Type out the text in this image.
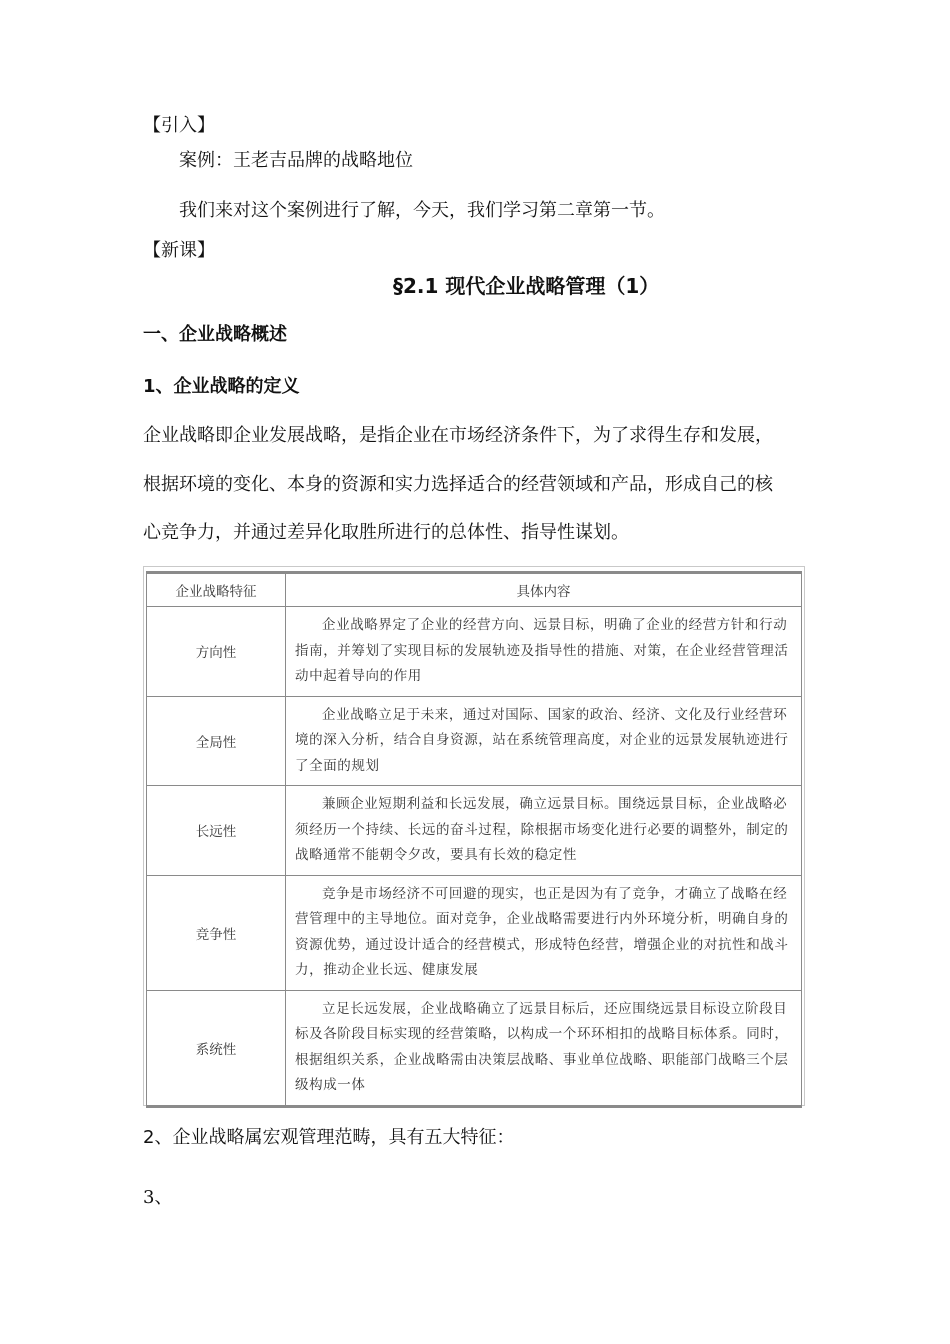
【引入】
案例：王老吉品牌的战略地位
我们来对这个案例进行了解，今天，我们学习第二章第一节。
【新课】
§2.1 现代企业战略管理（1）
一、企业战略概述
1、企业战略的定义
企业战略即企业发展战略，是指企业在市场经济条件下，为了求得生存和发展，
根据环境的变化、本身的资源和实力选择适合的经营领域和产品，形成自己的核
心竞争力，并通过差异化取胜所进行的总体性、指导性谋划。
企业战略特征	具体内容
方向性	企业战略界定了企业的经营方向、远景目标，明确了企业的经营方针和行动指南，并筹划了实现目标的发展轨迹及指导性的措施、对策，在企业经营管理活动中起着导向的作用
全局性	企业战略立足于未来，通过对国际、国家的政治、经济、文化及行业经营环境的深入分析，结合自身资源，站在系统管理高度，对企业的远景发展轨迹进行了全面的规划
长远性	兼顾企业短期利益和长远发展，确立远景目标。围绕远景目标，企业战略必须经历一个持续、长远的奋斗过程，除根据市场变化进行必要的调整外，制定的战略通常不能朝令夕改，要具有长效的稳定性
竞争性	竞争是市场经济不可回避的现实，也正是因为有了竞争，才确立了战略在经营管理中的主导地位。面对竞争，企业战略需要进行内外环境分析，明确自身的资源优势，通过设计适合的经营模式，形成特色经营，增强企业的对抗性和战斗力，推动企业长远、健康发展
系统性	立足长远发展，企业战略确立了远景目标后，还应围绕远景目标设立阶段目标及各阶段目标实现的经营策略，以构成一个环环相扣的战略目标体系。同时，根据组织关系，企业战略需由决策层战略、事业单位战略、职能部门战略三个层级构成一体
2、企业战略属宏观管理范畴，具有五大特征：
3、
